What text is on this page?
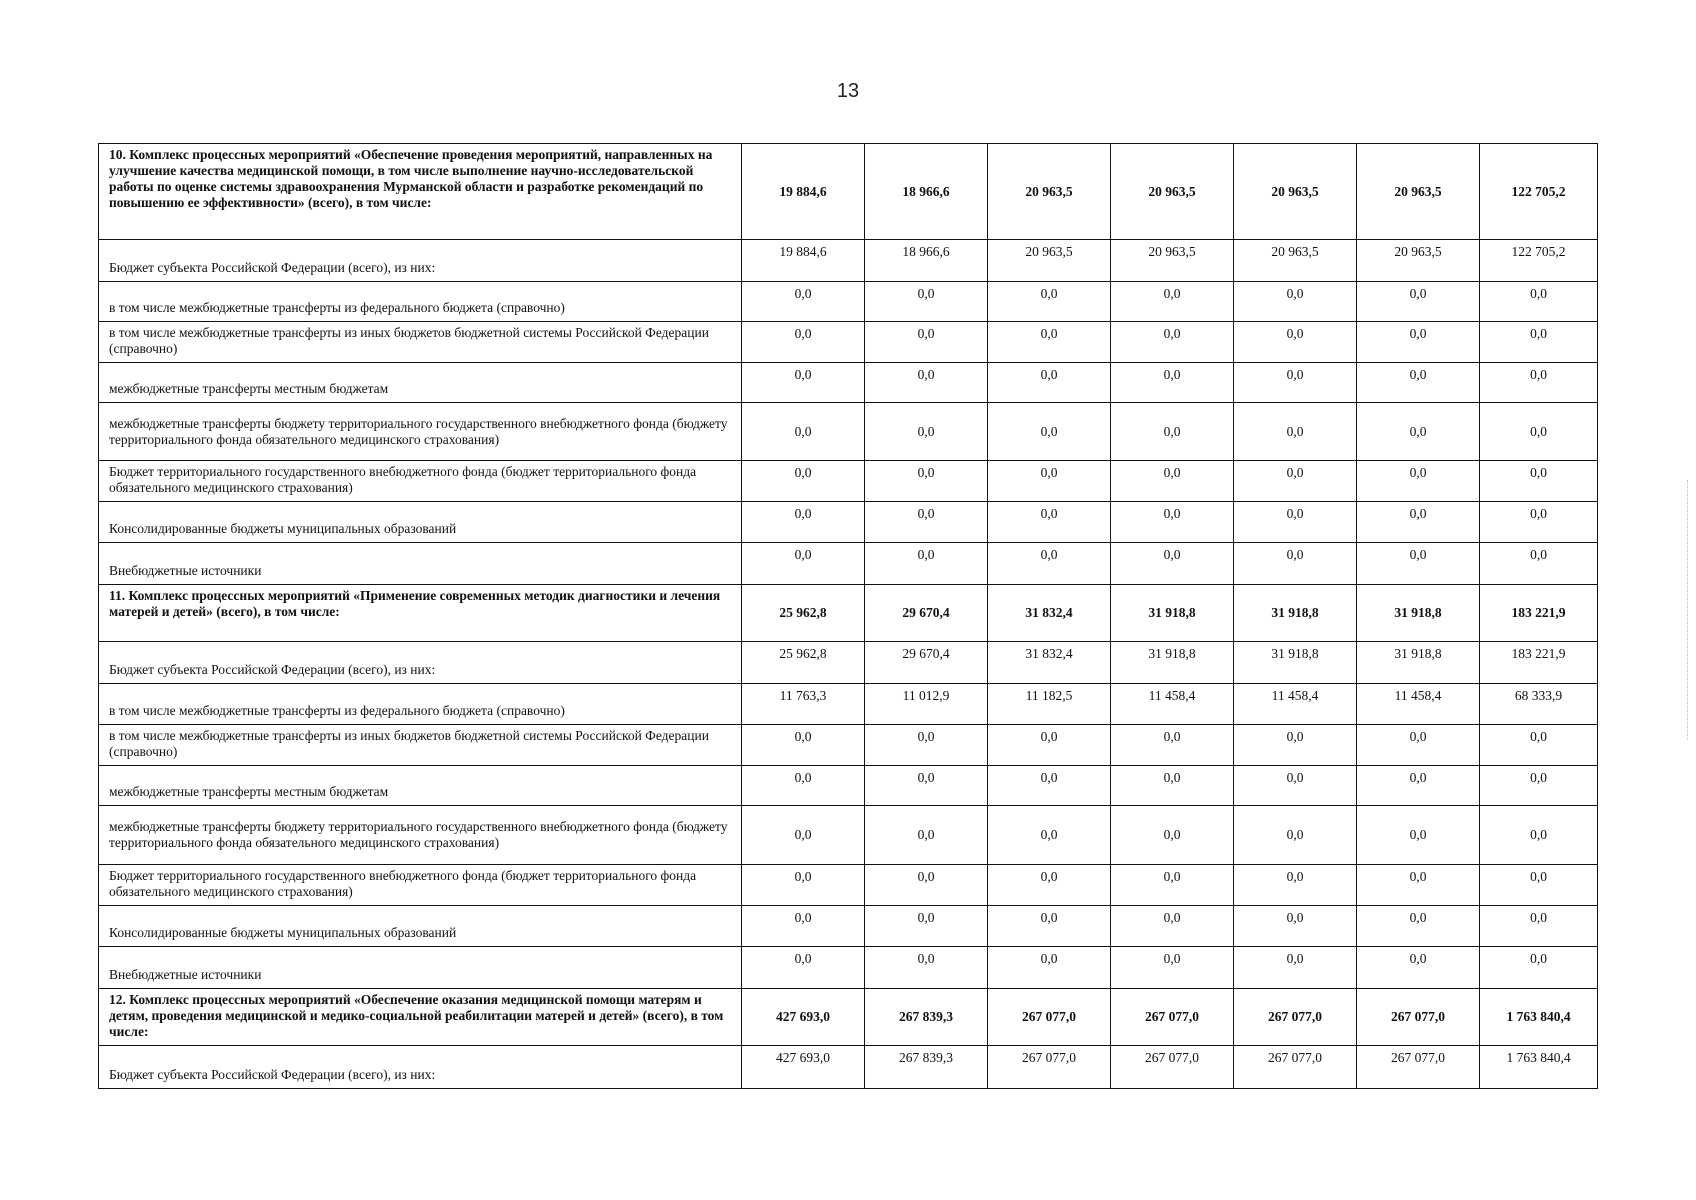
13
10. Комплекс процессных мероприятий «Обеспечение проведения мероприятий, направленных на улучшение качества медицинской помощи, в том числе выполнение научно-исследовательской работы по оценке системы здравоохранения Мурманской области и разработке рекомендаций по повышению ее эффективности» (всего), в том числе:	19 884,6	18 966,6	20 963,5	20 963,5	20 963,5	20 963,5	122 705,2
Бюджет субъекта Российской Федерации (всего), из них:	19 884,6	18 966,6	20 963,5	20 963,5	20 963,5	20 963,5	122 705,2
в том числе межбюджетные трансферты из федерального бюджета (справочно)	0,0	0,0	0,0	0,0	0,0	0,0	0,0
в том числе межбюджетные трансферты из иных бюджетов бюджетной системы Российской Федерации (справочно)	0,0	0,0	0,0	0,0	0,0	0,0	0,0
межбюджетные трансферты местным бюджетам	0,0	0,0	0,0	0,0	0,0	0,0	0,0
межбюджетные трансферты бюджету территориального государственного внебюджетного фонда (бюджету территориального фонда обязательного медицинского страхования)	0,0	0,0	0,0	0,0	0,0	0,0	0,0
Бюджет территориального государственного внебюджетного фонда (бюджет территориального фонда обязательного медицинского страхования)	0,0	0,0	0,0	0,0	0,0	0,0	0,0
Консолидированные бюджеты муниципальных образований	0,0	0,0	0,0	0,0	0,0	0,0	0,0
Внебюджетные источники	0,0	0,0	0,0	0,0	0,0	0,0	0,0
11. Комплекс процессных мероприятий «Применение современных методик диагностики и лечения матерей и детей» (всего), в том числе:	25 962,8	29 670,4	31 832,4	31 918,8	31 918,8	31 918,8	183 221,9
Бюджет субъекта Российской Федерации (всего), из них:	25 962,8	29 670,4	31 832,4	31 918,8	31 918,8	31 918,8	183 221,9
в том числе межбюджетные трансферты из федерального бюджета (справочно)	11 763,3	11 012,9	11 182,5	11 458,4	11 458,4	11 458,4	68 333,9
в том числе межбюджетные трансферты из иных бюджетов бюджетной системы Российской Федерации (справочно)	0,0	0,0	0,0	0,0	0,0	0,0	0,0
межбюджетные трансферты местным бюджетам	0,0	0,0	0,0	0,0	0,0	0,0	0,0
межбюджетные трансферты бюджету территориального государственного внебюджетного фонда (бюджету территориального фонда обязательного медицинского страхования)	0,0	0,0	0,0	0,0	0,0	0,0	0,0
Бюджет территориального государственного внебюджетного фонда (бюджет территориального фонда обязательного медицинского страхования)	0,0	0,0	0,0	0,0	0,0	0,0	0,0
Консолидированные бюджеты муниципальных образований	0,0	0,0	0,0	0,0	0,0	0,0	0,0
Внебюджетные источники	0,0	0,0	0,0	0,0	0,0	0,0	0,0
12. Комплекс процессных мероприятий «Обеспечение оказания медицинской помощи матерям и детям, проведения медицинской и медико-социальной реабилитации матерей и детей» (всего), в том числе:	427 693,0	267 839,3	267 077,0	267 077,0	267 077,0	267 077,0	1 763 840,4
Бюджет субъекта Российской Федерации (всего), из них:	427 693,0	267 839,3	267 077,0	267 077,0	267 077,0	267 077,0	1 763 840,4
